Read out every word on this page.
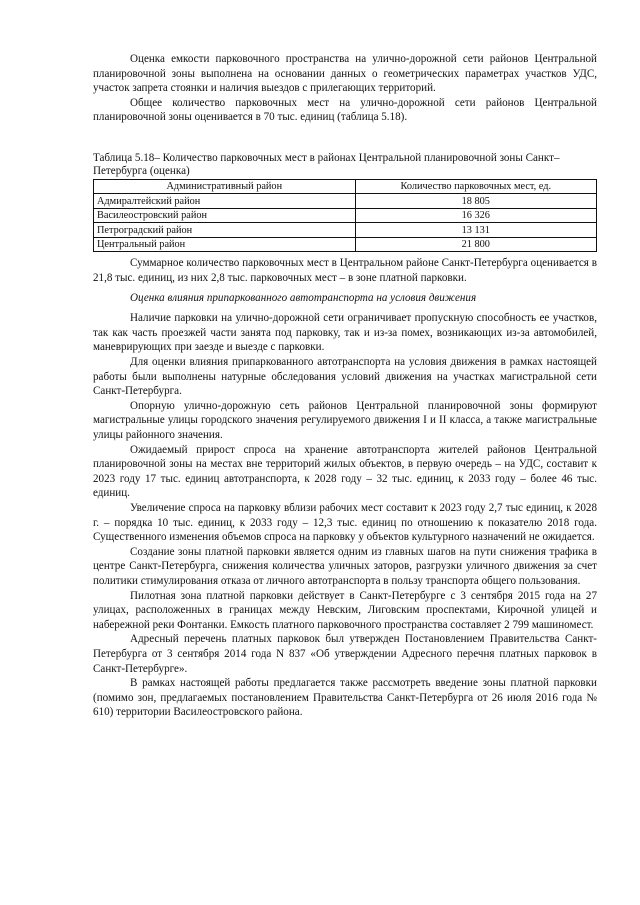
Оценка емкости парковочного пространства на улично-дорожной сети районов Центральной планировочной зоны выполнена на основании данных о геометрических параметрах участков УДС, участок запрета стоянки и наличия выездов с прилегающих территорий.

Общее количество парковочных мест на улично-дорожной сети районов Центральной планировочной зоны оценивается в 70 тыс. единиц (таблица 5.18).

Таблица 5.18– Количество парковочных мест в районах Центральной планировочной зоны Санкт–Петербурга (оценка)

Административный район	Количество парковочных мест, ед.
Адмиралтейский район	18 805
Василеостровский район	16 326
Петроградский район	13 131
Центральный район	21 800

Суммарное количество парковочных мест в Центральном районе Санкт-Петербурга оценивается в 21,8 тыс. единиц, из них 2,8 тыс. парковочных мест – в зоне платной парковки.

Оценка влияния припаркованного автотранспорта на условия движения

Наличие парковки на улично-дорожной сети ограничивает пропускную способность ее участков, так как часть проезжей части занята под парковку, так и из-за помех, возникающих из-за автомобилей, маневрирующих при заезде и выезде с парковки.

Для оценки влияния припаркованного автотранспорта на условия движения в рамках настоящей работы были выполнены натурные обследования условий движения на участках магистральной сети Санкт-Петербурга.

Опорную улично-дорожную сеть районов Центральной планировочной зоны формируют магистральные улицы городского значения регулируемого движения I и II класса, а также магистральные улицы районного значения.

Ожидаемый прирост спроса на хранение автотранспорта жителей районов Центральной планировочной зоны на местах вне территорий жилых объектов, в первую очередь – на УДС, составит к 2023 году 17 тыс. единиц автотранспорта, к 2028 году – 32 тыс. единиц, к 2033 году – более 46 тыс. единиц.

Увеличение спроса на парковку вблизи рабочих мест составит к 2023 году 2,7 тыс единиц, к 2028 г. – порядка 10 тыс. единиц, к 2033 году – 12,3 тыс. единиц по отношению к показателю 2018 года. Существенного изменения объемов спроса на парковку у объектов культурного назначений не ожидается.

Создание зоны платной парковки является одним из главных шагов на пути снижения трафика в центре Санкт-Петербурга, снижения количества уличных заторов, разгрузки уличного движения за счет политики стимулирования отказа от личного автотранспорта в пользу транспорта общего пользования.

Пилотная зона платной парковки действует в Санкт-Петербурге с 3 сентября 2015 года на 27 улицах, расположенных в границах между Невским, Лиговским проспектами, Кирочной улицей и набережной реки Фонтанки. Емкость платного парковочного пространства составляет 2 799 машиномест.

Адресный перечень платных парковок был утвержден Постановлением Правительства Санкт-Петербурга от 3 сентября 2014 года N 837 «Об утверждении Адресного перечня платных парковок в Санкт-Петербурге».

В рамках настоящей работы предлагается также рассмотреть введение зоны платной парковки (помимо зон, предлагаемых постановлением Правительства Санкт-Петербурга от 26 июля 2016 года № 610) территории Василеостровского района.
